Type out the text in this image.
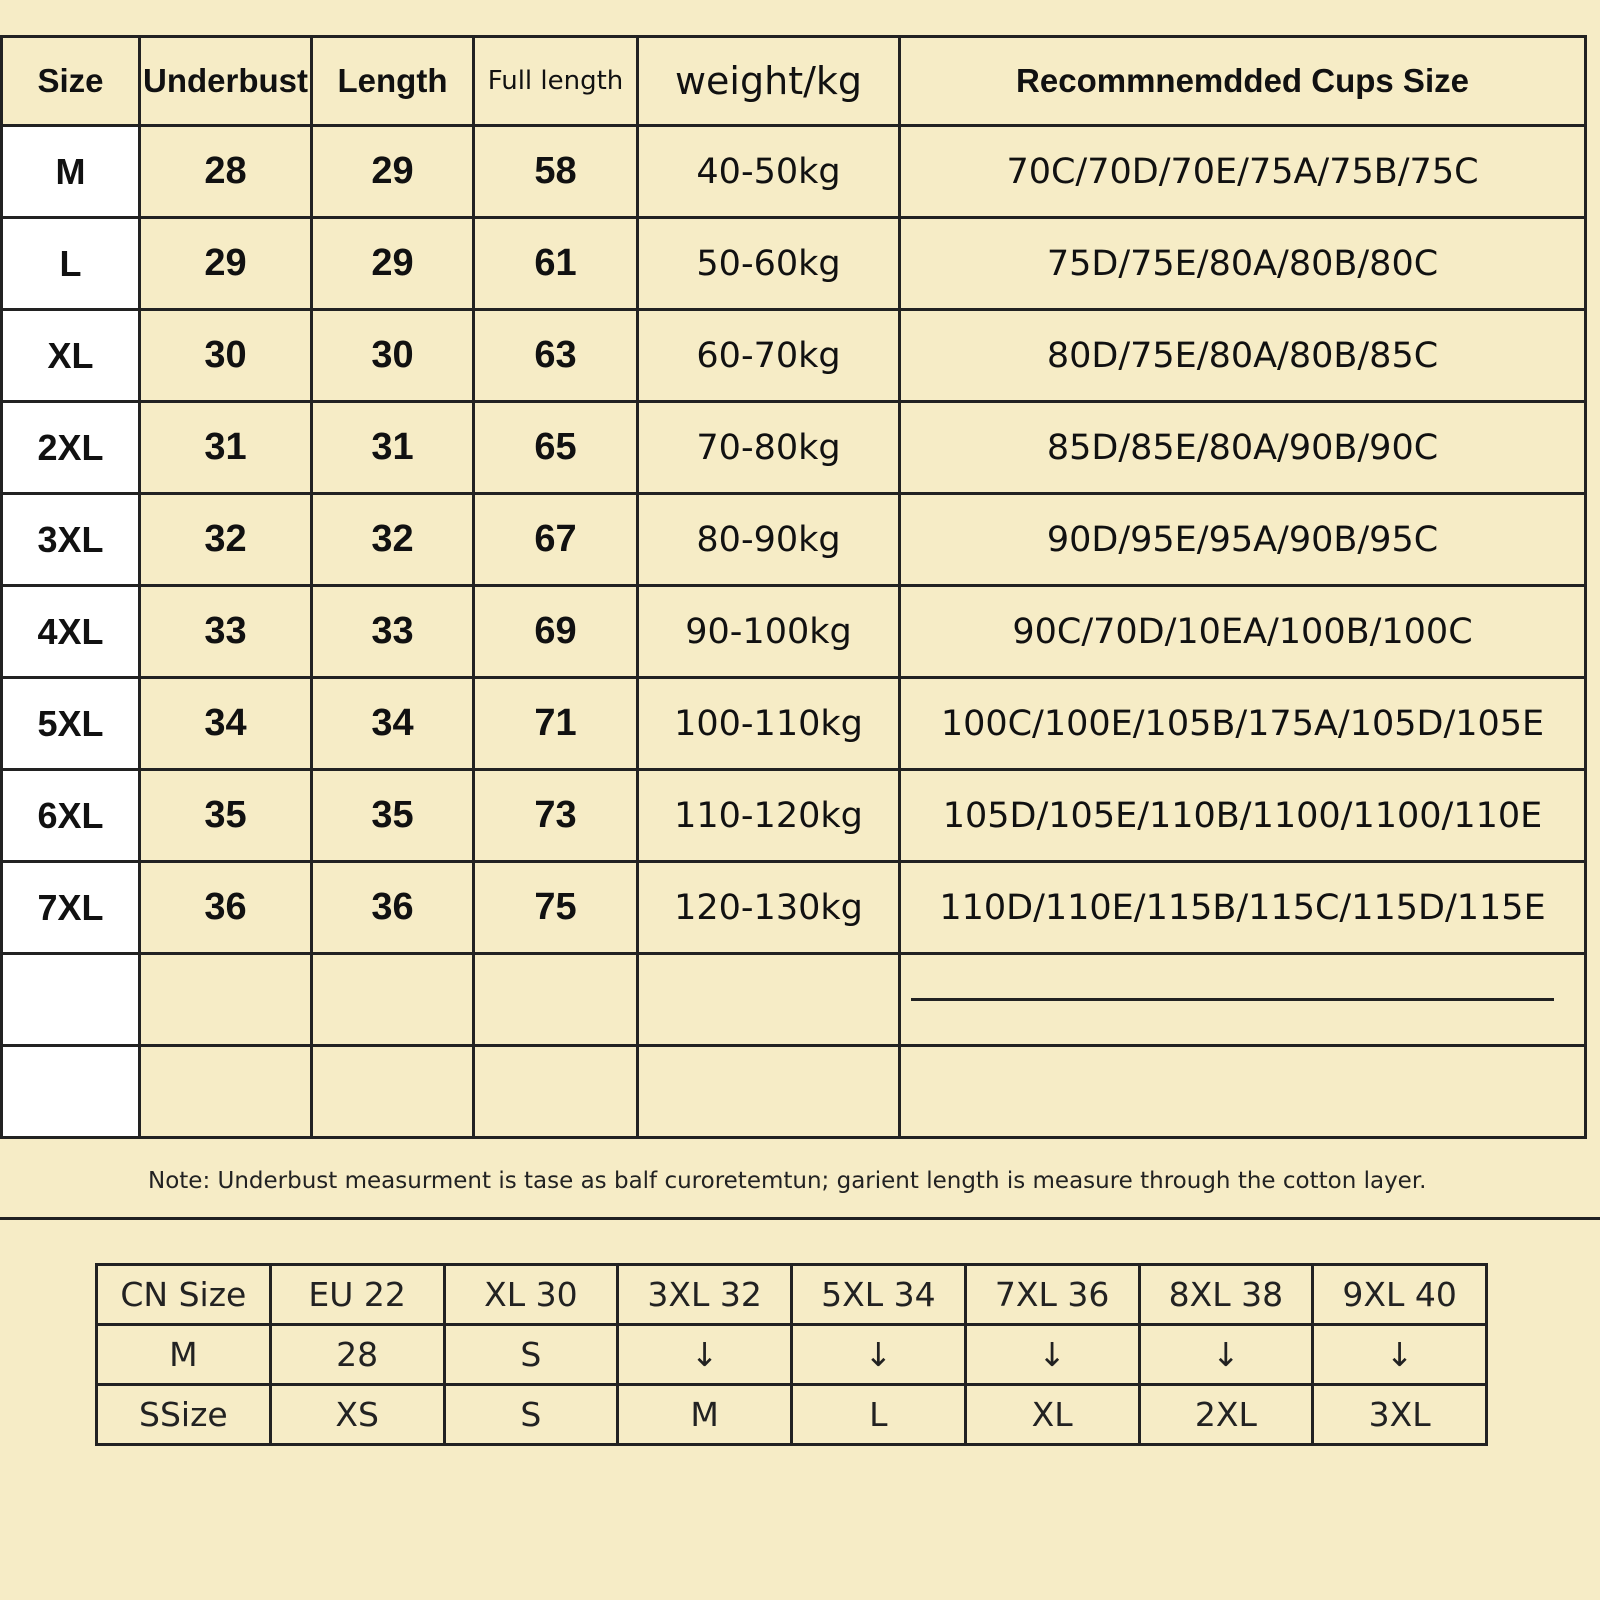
Size	Underbust	Length	Full length	weight/kg	Recommnemdded Cups Size
M	28	29	58	40-50kg	70C/70D/70E/75A/75B/75C
L	29	29	61	50-60kg	75D/75E/80A/80B/80C
XL	30	30	63	60-70kg	80D/75E/80A/80B/85C
2XL	31	31	65	70-80kg	85D/85E/80A/90B/90C
3XL	32	32	67	80-90kg	90D/95E/95A/90B/95C
4XL	33	33	69	90-100kg	90C/70D/10EA/100B/100C
5XL	34	34	71	100-110kg	100C/100E/105B/175A/105D/105E
6XL	35	35	73	110-120kg	105D/105E/110B/1100/1100/110E
7XL	36	36	75	120-130kg	110D/110E/115B/115C/115D/115E

Note: Underbust measurment is tase as balf curoretemtun; garient length is measure through the cotton layer.
CN Size	EU 22	XL 30	3XL 32	5XL 34	7XL 36	8XL 38	9XL 40
M	28	S	↓	↓	↓	↓	↓
SSize	XS	S	M	L	XL	2XL	3XL
